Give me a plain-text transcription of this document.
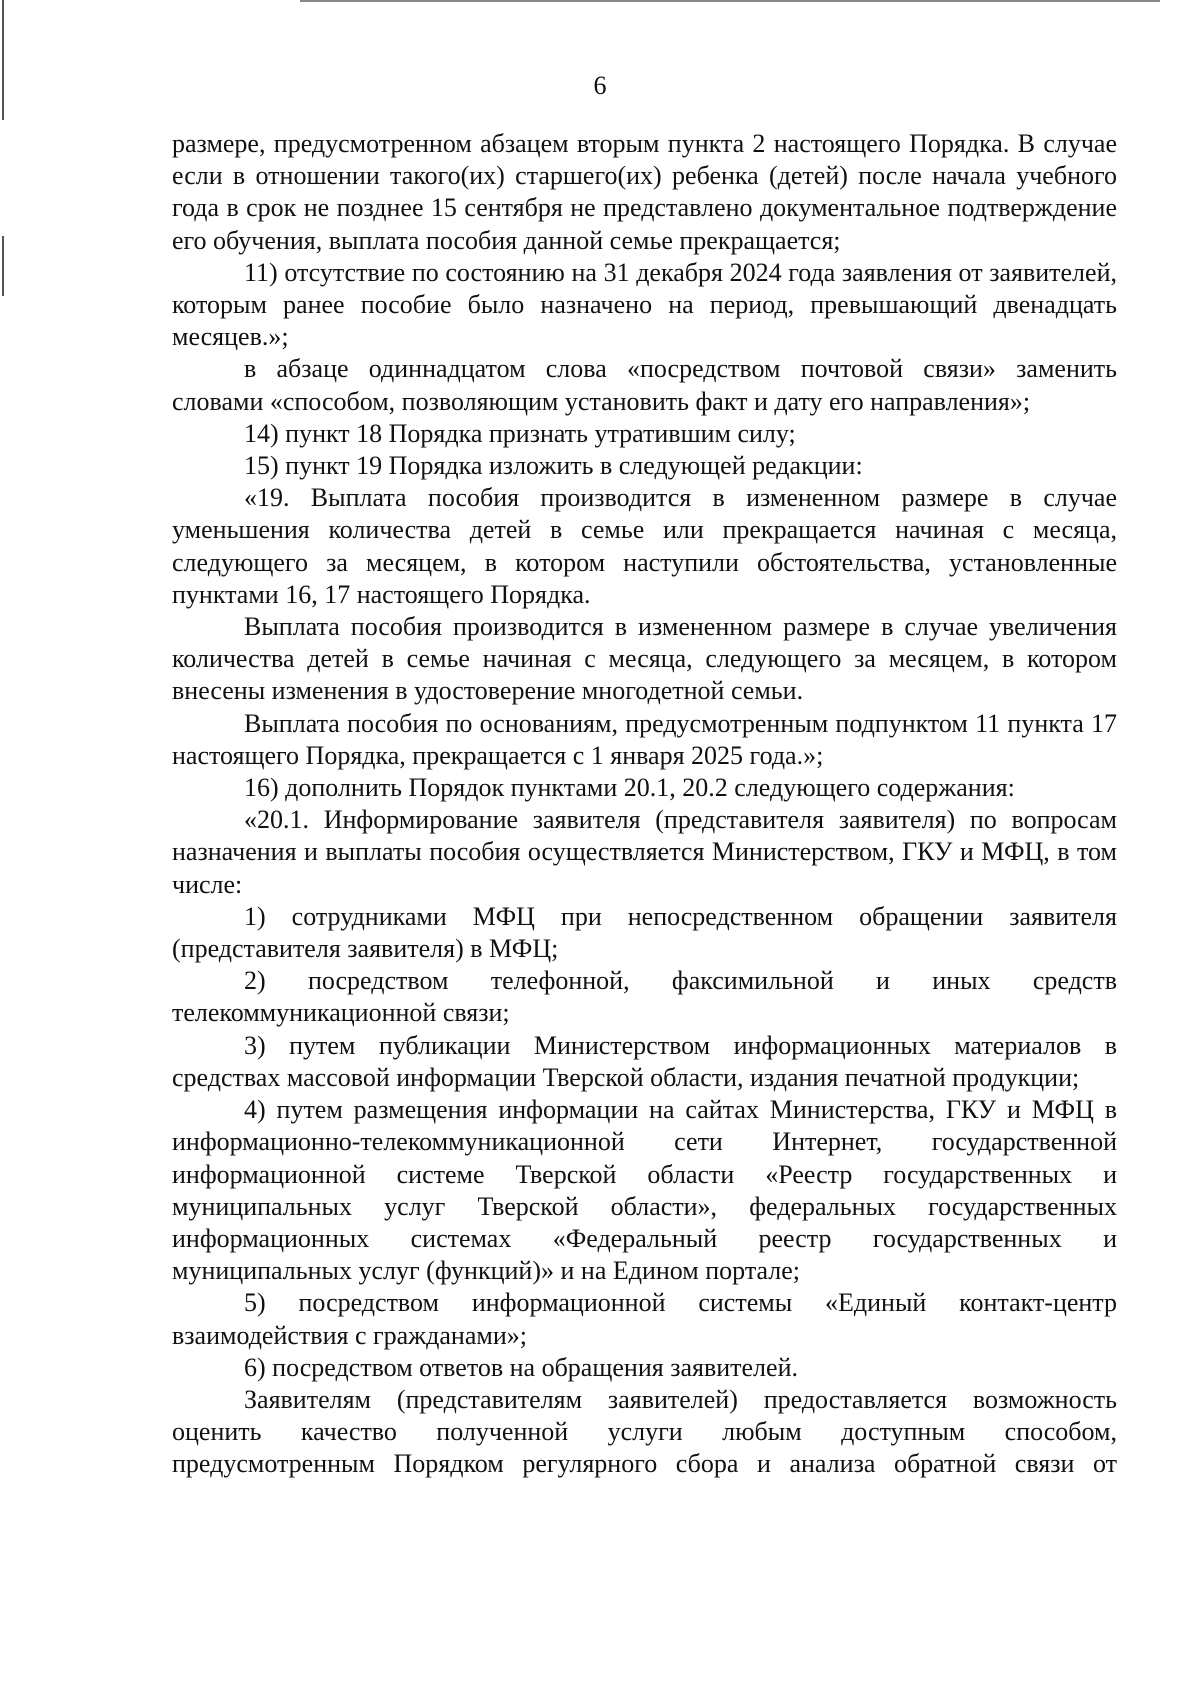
6

размере, предусмотренном абзацем вторым пункта 2 настоящего Порядка. В случае если в отношении такого(их) старшего(их) ребенка (детей) после начала учебного года в срок не позднее 15 сентября не представлено документальное подтверждение его обучения, выплата пособия данной семье прекращается;

11) отсутствие по состоянию на 31 декабря 2024 года заявления от заявителей, которым ранее пособие было назначено на период, превышающий двенадцать месяцев.»;

в абзаце одиннадцатом слова «посредством почтовой связи» заменить словами «способом, позволяющим установить факт и дату его направления»;

14) пункт 18 Порядка признать утратившим силу;

15) пункт 19 Порядка изложить в следующей редакции:

«19. Выплата пособия производится в измененном размере в случае уменьшения количества детей в семье или прекращается начиная с месяца, следующего за месяцем, в котором наступили обстоятельства, установленные пунктами 16, 17 настоящего Порядка.

Выплата пособия производится в измененном размере в случае увеличения количества детей в семье начиная с месяца, следующего за месяцем, в котором внесены изменения в удостоверение многодетной семьи.

Выплата пособия по основаниям, предусмотренным подпунктом 11 пункта 17 настоящего Порядка, прекращается с 1 января 2025 года.»;

16) дополнить Порядок пунктами 20.1, 20.2 следующего содержания:

«20.1. Информирование заявителя (представителя заявителя) по вопросам назначения и выплаты пособия осуществляется Министерством, ГКУ и МФЦ, в том числе:

1) сотрудниками МФЦ при непосредственном обращении заявителя (представителя заявителя) в МФЦ;

2) посредством телефонной, факсимильной и иных средств телекоммуникационной связи;

3) путем публикации Министерством информационных материалов в средствах массовой информации Тверской области, издания печатной продукции;

4) путем размещения информации на сайтах Министерства, ГКУ и МФЦ в информационно-телекоммуникационной сети Интернет, государственной информационной системе Тверской области «Реестр государственных и муниципальных услуг Тверской области», федеральных государственных информационных системах «Федеральный реестр государственных и муниципальных услуг (функций)» и на Едином портале;

5) посредством информационной системы «Единый контакт-центр взаимодействия с гражданами»;

6) посредством ответов на обращения заявителей.

Заявителям (представителям заявителей) предоставляется возможность оценить качество полученной услуги любым доступным способом, предусмотренным Порядком регулярного сбора и анализа обратной связи от
